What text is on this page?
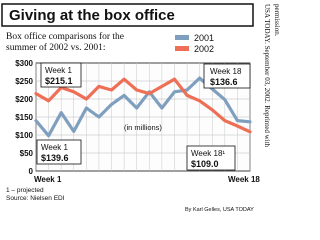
Giving at the box office
Box office comparisons for the
summer of 2002 vs. 2001:
2001
2002
$300
$250
$200
$150
$100
$50
0
(in millions)
Week 1
$215.1
Week 1
$139.6
Week 18
$136.6
Week 18¹
$109.0
Week 1	Week 18
1 – projected
Source: Nielsen EDI
By Karl Gelles, USA TODAY
USA TODAY. September 03, 2002. Reprinted with permission.
